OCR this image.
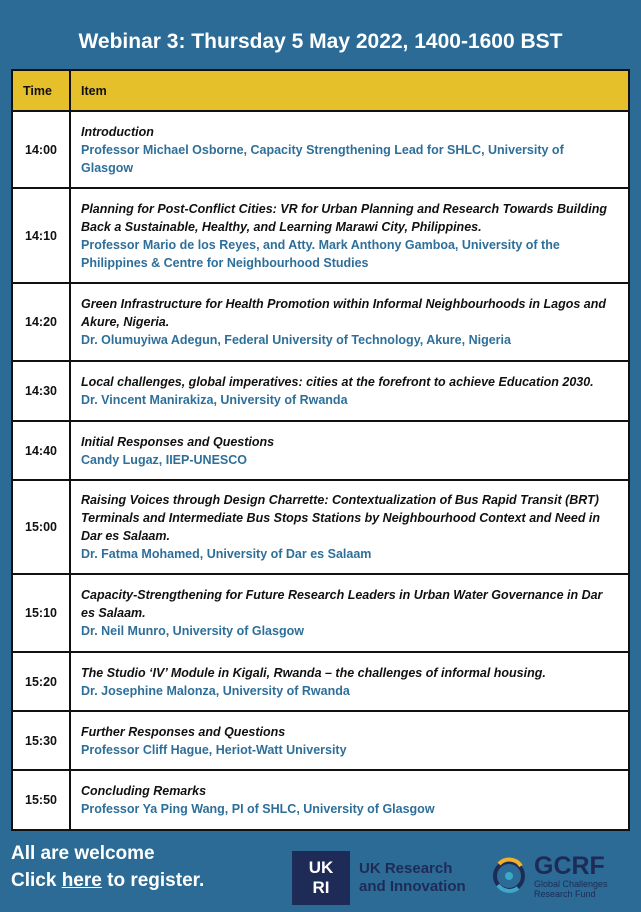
Webinar 3: Thursday 5 May 2022, 1400-1600 BST
Time	Item
14:00	Introduction
Professor Michael Osborne, Capacity Strengthening Lead for SHLC, University of Glasgow

14:10	Planning for Post-Conflict Cities: VR for Urban Planning and Research Towards Building Back a Sustainable, Healthy, and Learning Marawi City, Philippines.
Professor Mario de los Reyes, and Atty. Mark Anthony Gamboa, University of the Philippines & Centre for Neighbourhood Studies

14:20	Green Infrastructure for Health Promotion within Informal Neighbourhoods in Lagos and Akure, Nigeria.
Dr. Olumuyiwa Adegun, Federal University of Technology, Akure, Nigeria

14:30	Local challenges, global imperatives: cities at the forefront to achieve Education 2030.
Dr. Vincent Manirakiza, University of Rwanda

14:40	Initial Responses and Questions
Candy Lugaz, IIEP-UNESCO

15:00	Raising Voices through Design Charrette: Contextualization of Bus Rapid Transit (BRT) Terminals and Intermediate Bus Stops Stations by Neighbourhood Context and Need in Dar es Salaam.
Dr. Fatma Mohamed, University of Dar es Salaam

15:10	Capacity-Strengthening for Future Research Leaders in Urban Water Governance in Dar es Salaam.
Dr. Neil Munro, University of Glasgow

15:20	The Studio ‘IV’ Module in Kigali, Rwanda – the challenges of informal housing.
Dr. Josephine Malonza, University of Rwanda

15:30	Further Responses and Questions
Professor Cliff Hague, Heriot-Watt University

15:50	Concluding Remarks
Professor Ya Ping Wang, PI of SHLC, University of Glasgow
All are welcome
Click here to register.
UK
RI
UK Research
and Innovation
GCRF
Global Challenges
Research Fund
